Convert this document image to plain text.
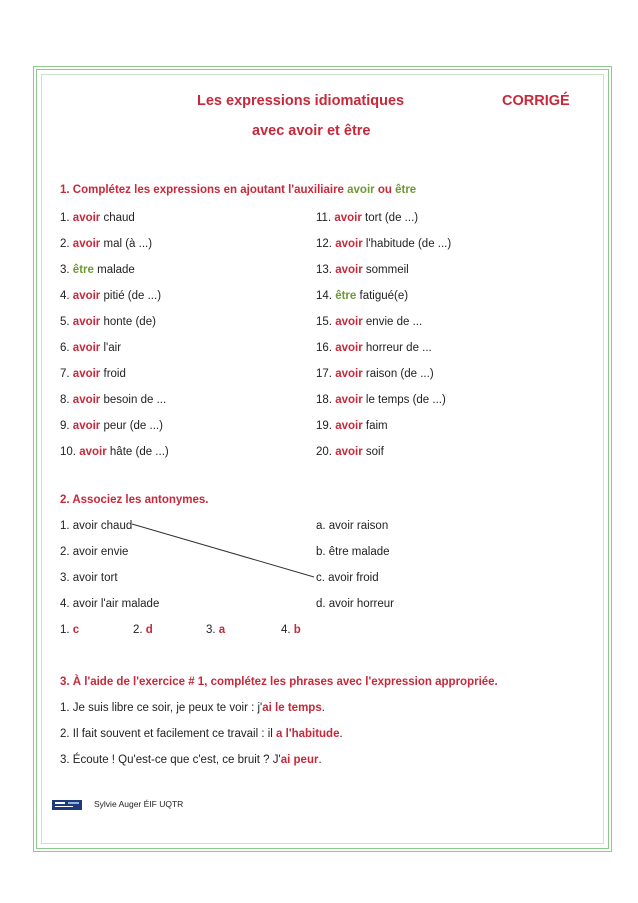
Les expressions idiomatiques	CORRIGÉ
avec avoir et être
1. Complétez les expressions en ajoutant l'auxiliaire avoir ou être
1. avoir chaud
2. avoir mal (à ...)
3. être malade
4. avoir pitié (de ...)
5. avoir honte (de)
6. avoir l'air
7. avoir froid
8. avoir besoin de ...
9. avoir peur (de ...)
10. avoir hâte (de ...)
11. avoir tort (de ...)
12. avoir l'habitude (de ...)
13. avoir sommeil
14. être fatigué(e)
15. avoir envie de ...
16. avoir horreur de ...
17. avoir raison (de ...)
18. avoir le temps (de ...)
19. avoir faim
20. avoir soif
2. Associez les antonymes.
1. avoir chaud
2. avoir envie
3. avoir tort
4. avoir l'air malade
a. avoir raison
b. être malade
c. avoir froid
d. avoir horreur
1. c	2. d	3. a	4. b
3. À l'aide de l'exercice # 1, complétez les phrases avec l'expression appropriée.
1. Je suis libre ce soir, je peux te voir : j'ai le temps.
2. Il fait souvent et facilement ce travail : il a l'habitude.
3. Écoute ! Qu'est-ce que c'est, ce bruit ? J'ai peur.
Sylvie Auger ÉIF UQTR
